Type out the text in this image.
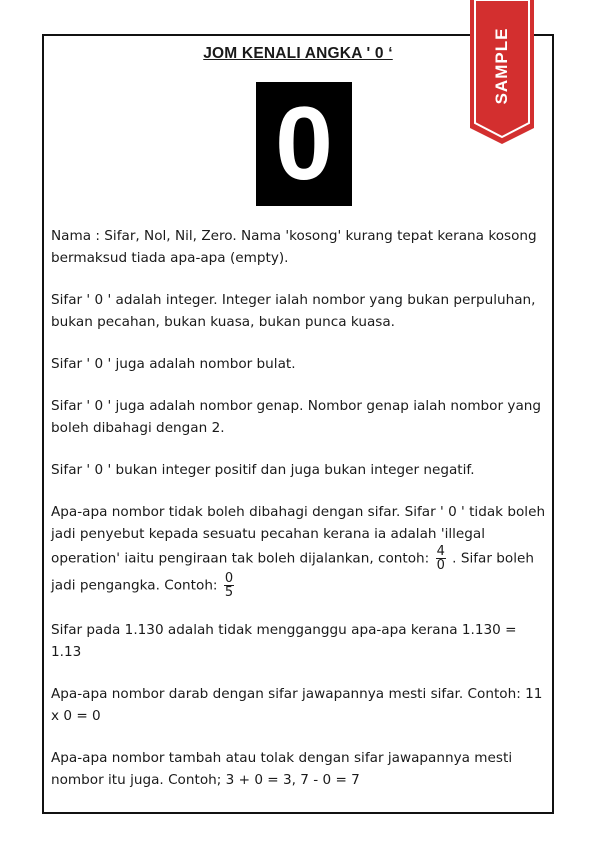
JOM KENALI ANGKA ' 0 ‘
0

Nama : Sifar, Nol, Nil, Zero. Nama 'kosong' kurang tepat kerana kosong bermaksud tiada apa-apa (empty).

Sifar ' 0 ' adalah integer. Integer ialah nombor yang bukan perpuluhan, bukan pecahan, bukan kuasa, bukan punca kuasa.

Sifar ' 0 ' juga adalah nombor bulat.

Sifar ' 0 ' juga adalah nombor genap. Nombor genap ialah nombor yang boleh dibahagi dengan 2.

Sifar ' 0 ' bukan integer positif dan juga bukan integer negatif.

Apa-apa nombor tidak boleh dibahagi dengan sifar. Sifar ' 0 ' tidak boleh jadi penyebut kepada sesuatu pecahan kerana ia adalah 'illegal operation' iaitu pengiraan tak boleh dijalankan, contoh: $\frac{4}{0}$ . Sifar boleh jadi pengangka. Contoh: $\frac{0}{5}$

Sifar pada 1.130 adalah tidak mengganggu apa-apa kerana 1.130 = 1.13

Apa-apa nombor darab dengan sifar jawapannya mesti sifar. Contoh: 11 x 0 = 0

Apa-apa nombor tambah atau tolak dengan sifar jawapannya mesti nombor itu juga. Contoh; 3 + 0 = 3, 7 - 0 = 7

SAMPLE
